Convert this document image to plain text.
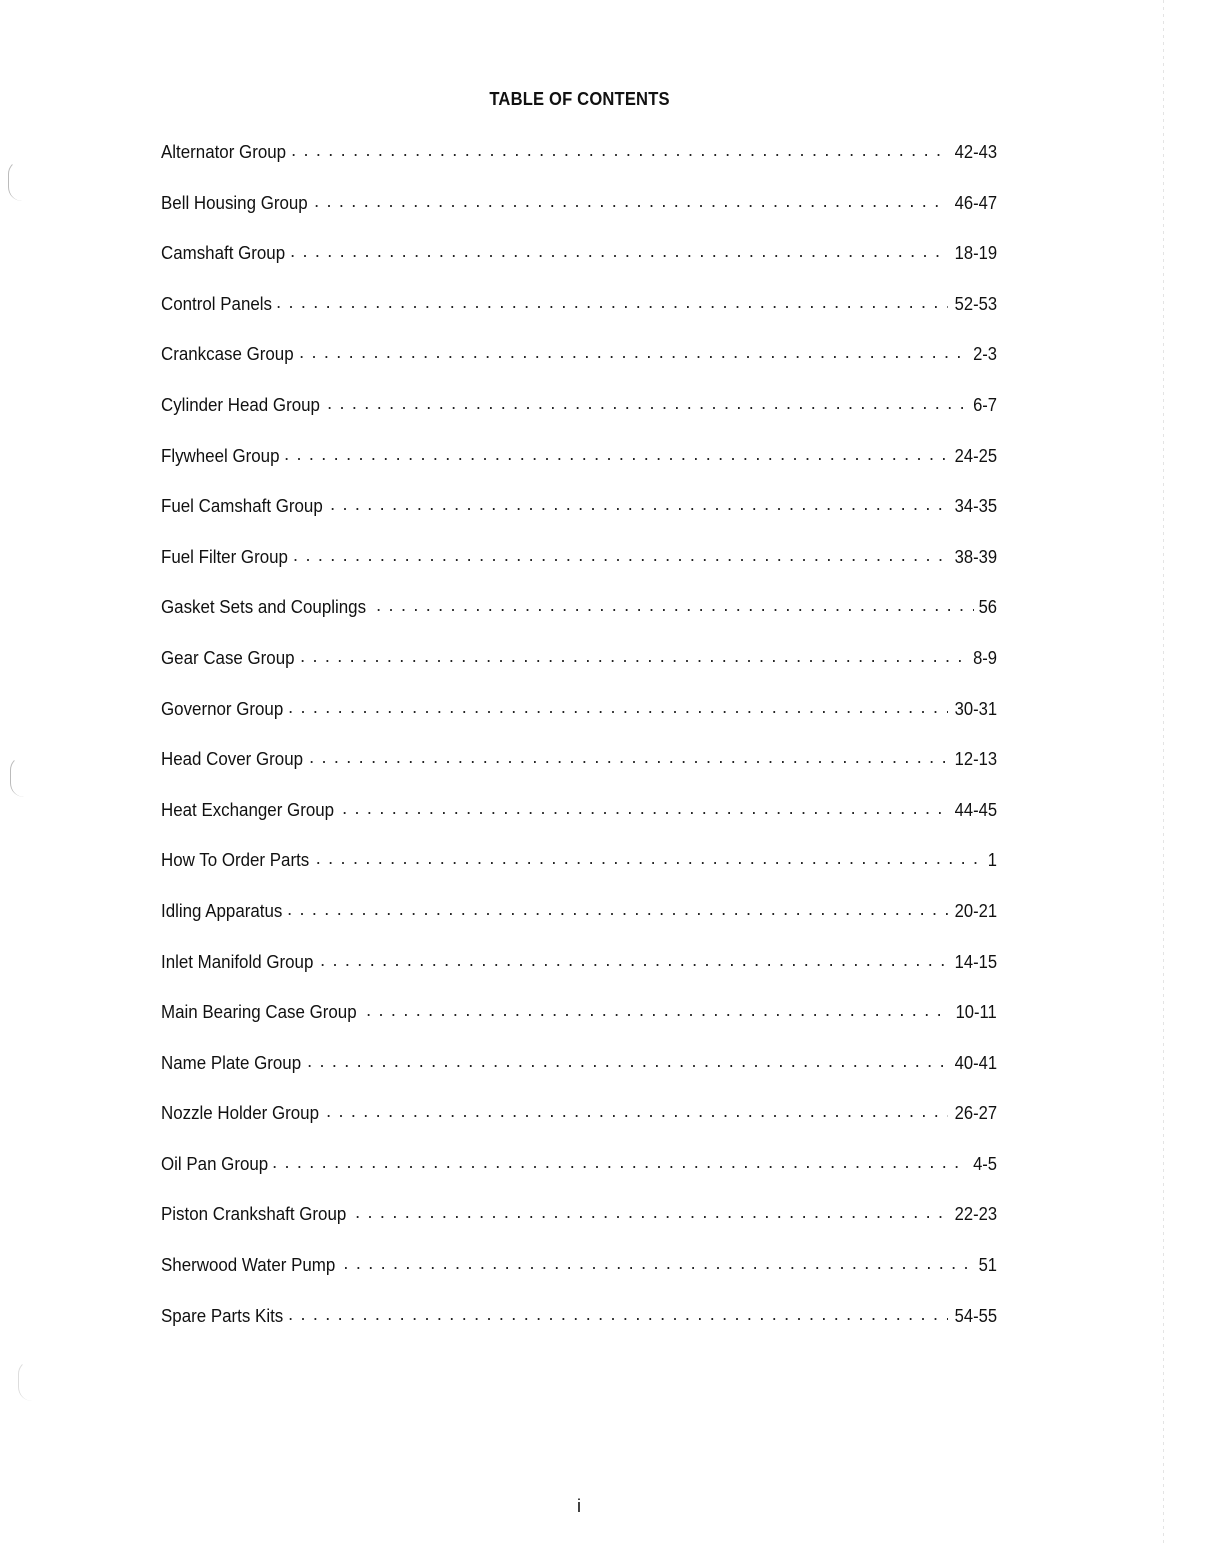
TABLE OF CONTENTS
Alternator Group . . .	42-43
Bell Housing Group . . .	46-47
Camshaft Group . . .	18-19
Control Panels . . .	52-53
Crankcase Group . . .	2-3
Cylinder Head Group . . .	6-7
Flywheel Group . . .	24-25
Fuel Camshaft Group . . .	34-35
Fuel Filter Group . . .	38-39
Gasket Sets and Couplings . . .	56
Gear Case Group . . .	8-9
Governor Group . . .	30-31
Head Cover Group . . .	12-13
Heat Exchanger Group . . .	44-45
How To Order Parts . . .	1
Idling Apparatus . . .	20-21
Inlet Manifold Group . . .	14-15
Main Bearing Case Group . . .	10-11
Name Plate Group . . .	40-41
Nozzle Holder Group . . .	26-27
Oil Pan Group . . .	4-5
Piston Crankshaft Group . . .	22-23
Sherwood Water Pump . . .	51
Spare Parts Kits . . .	54-55
i
